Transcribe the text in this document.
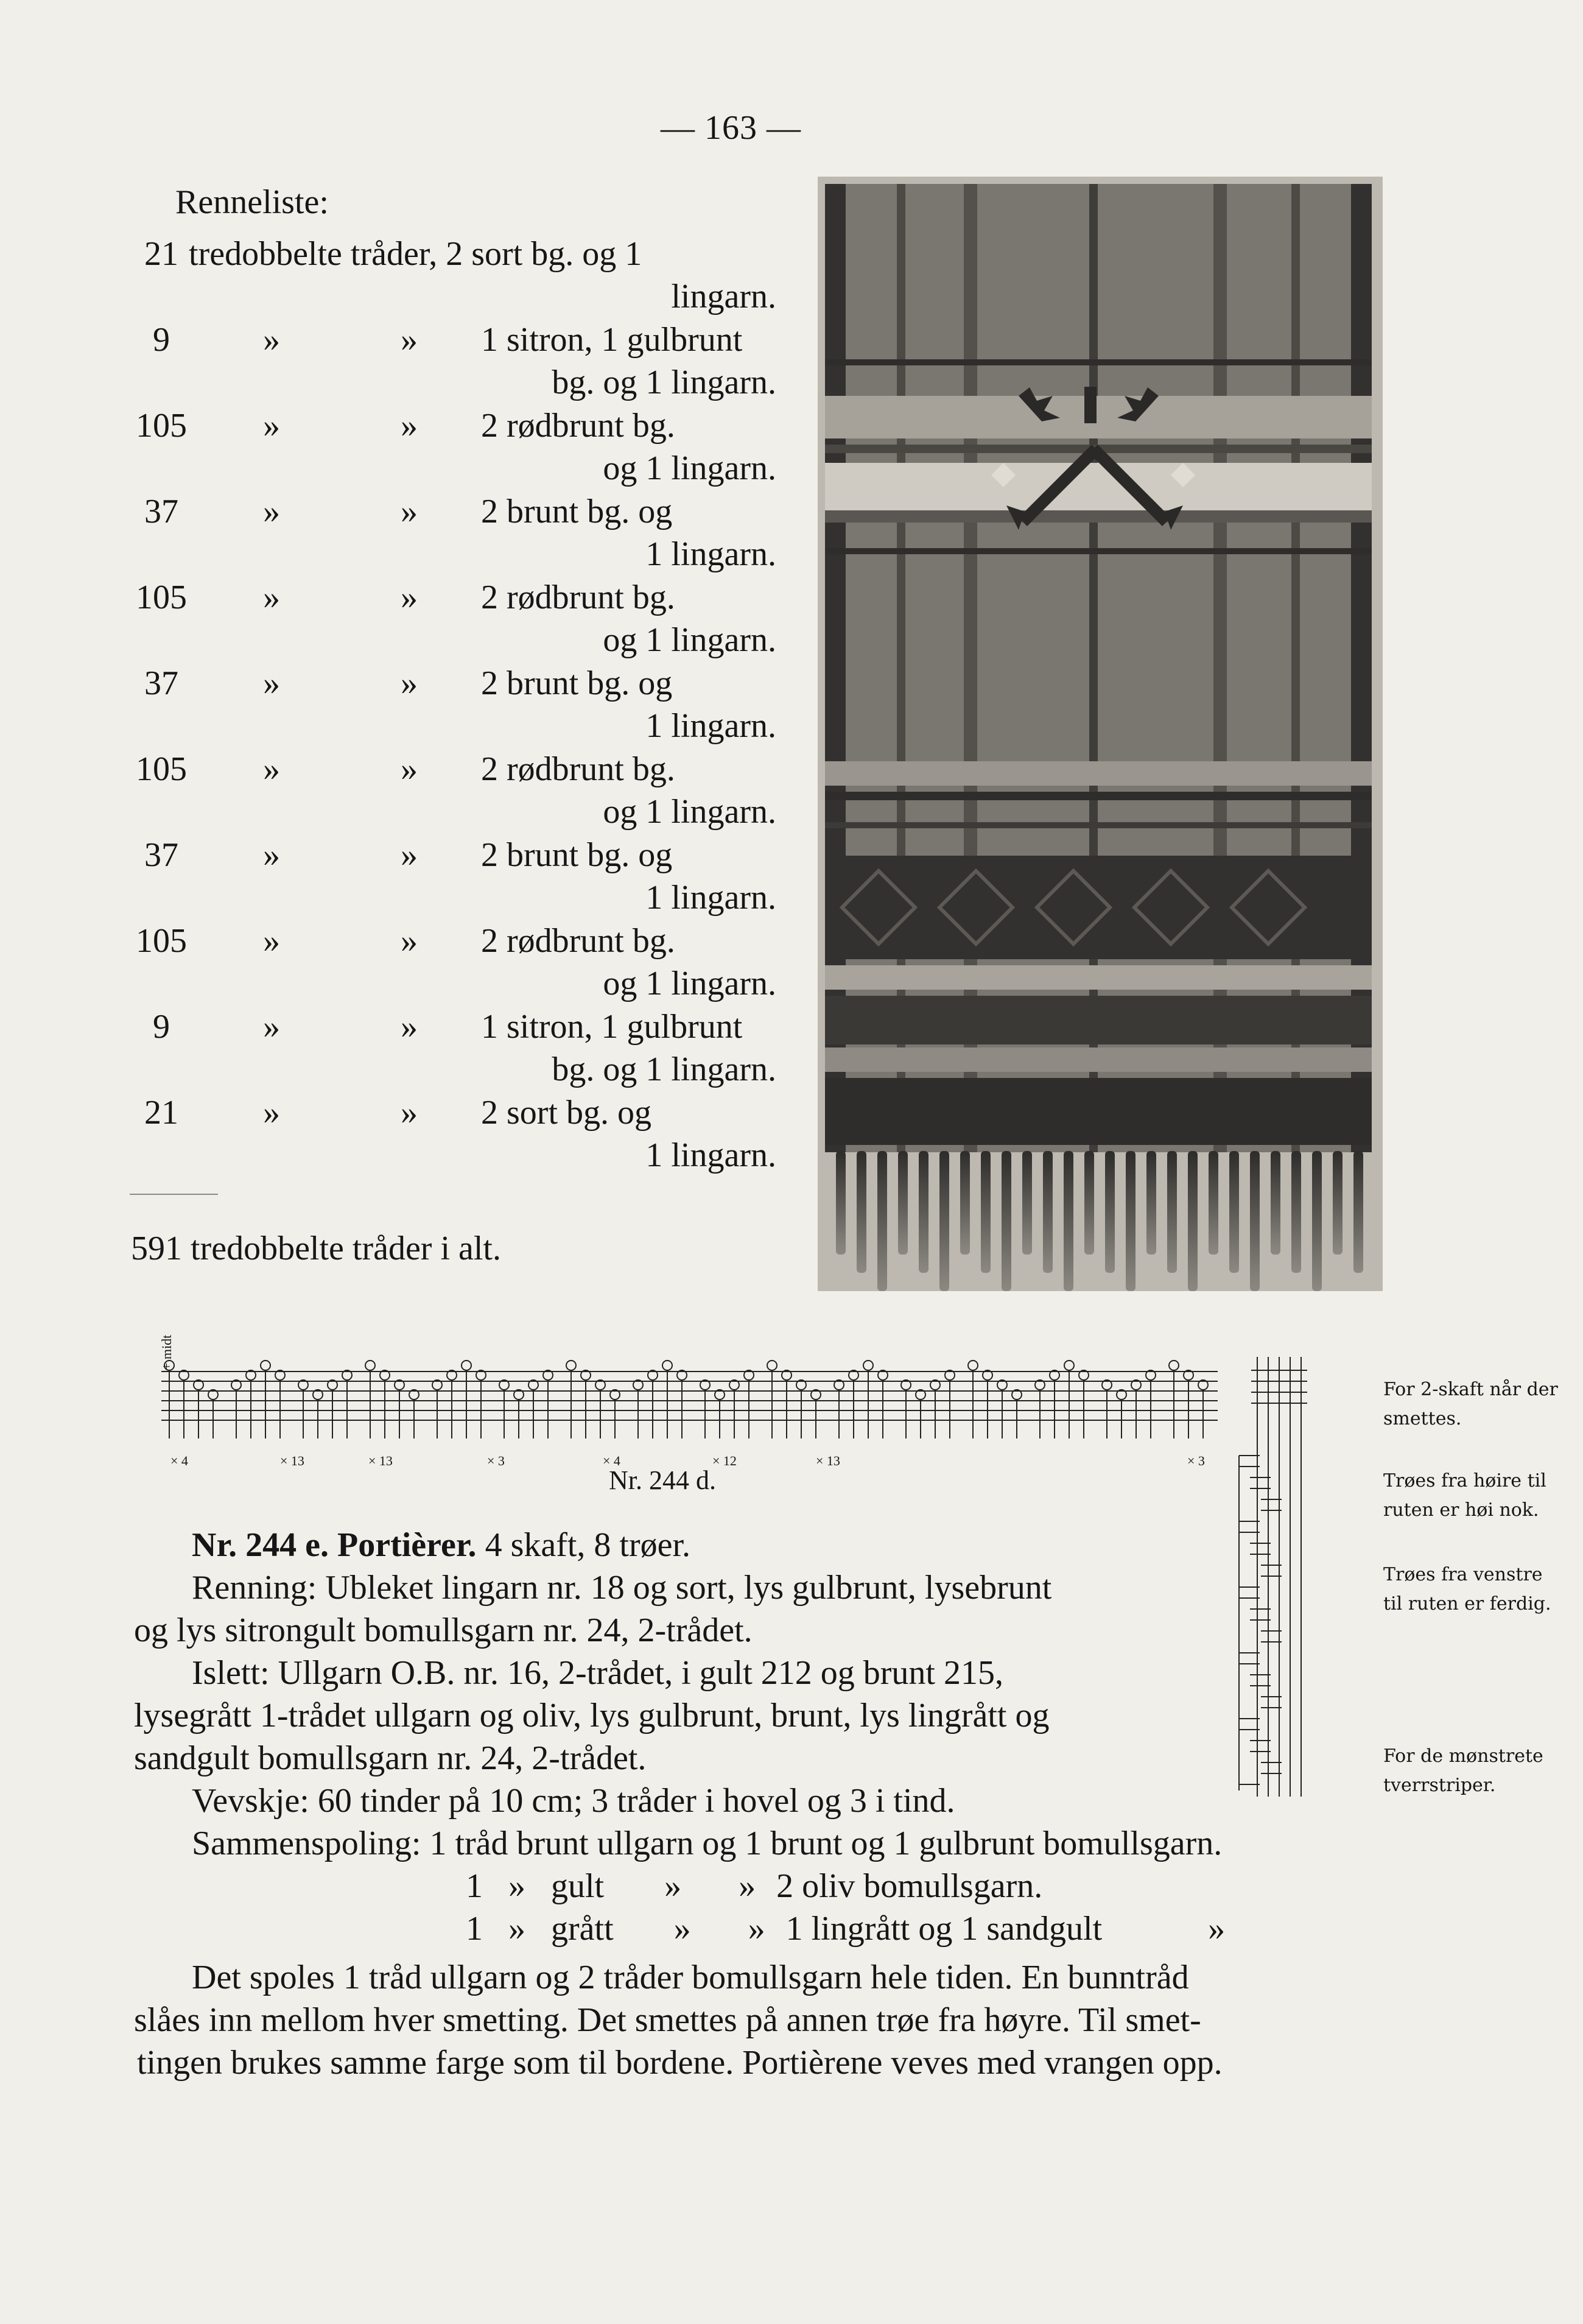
— 163 —
Renneliste:
21 tredobbelte tråder, 2 sort bg. og 1
lingarn.
9	»	» 1 sitron, 1 gulbrunt
bg. og 1 lingarn.
105 »	» 2 rødbrunt bg.
og 1 lingarn.
37	»	» 2 brunt bg. og
1 lingarn.
105 »	» 2 rødbrunt bg.
og 1 lingarn.
37	»	» 2 brunt bg. og
1 lingarn.
105 »	» 2 rødbrunt bg.
og 1 lingarn.
37	»	» 2 brunt bg. og
1 lingarn.
105 »	» 2 rødbrunt bg.
og 1 lingarn.
9	»	» 1 sitron, 1 gulbrunt
bg. og 1 lingarn.
21	»	» 2 sort bg. og
1 lingarn.
591 tredobbelte tråder i alt.
+ midt
× 4	× 13	× 13	× 3	× 4	× 12	× 13	× 3
Nr. 244 d.
For 2-skaft når der smettes.
Trøes fra høire til ruten er høi nok.
Trøes fra venstre til ruten er ferdig.
For de mønstrete tverrstriper.
Nr. 244 e. Portièrer. 4 skaft, 8 trøer.
Renning: Ubleket lingarn nr. 18 og sort, lys gulbrunt, lysebrunt
og lys sitrongult bomullsgarn nr. 24, 2-trådet.
Islett: Ullgarn O.B. nr. 16, 2-trådet, i gult 212 og brunt 215,
lysegrått 1-trådet ullgarn og oliv, lys gulbrunt, brunt, lys lingrått og
sandgult bomullsgarn nr. 24, 2-trådet.
Vevskje: 60 tinder på 10 cm; 3 tråder i hovel og 3 i tind.
Sammenspoling: 1 tråd brunt ullgarn og 1 brunt og 1 gulbrunt bomullsgarn.
1 » gult » » 2 oliv bomullsgarn.
1 » grått » » 1 lingrått og 1 sandgult	»
Det spoles 1 tråd ullgarn og 2 tråder bomullsgarn hele tiden. En bunntråd
slåes inn mellom hver smetting. Det smettes på annen trøe fra høyre. Til smet-
tingen brukes samme farge som til bordene. Portièrene veves med vrangen opp.
